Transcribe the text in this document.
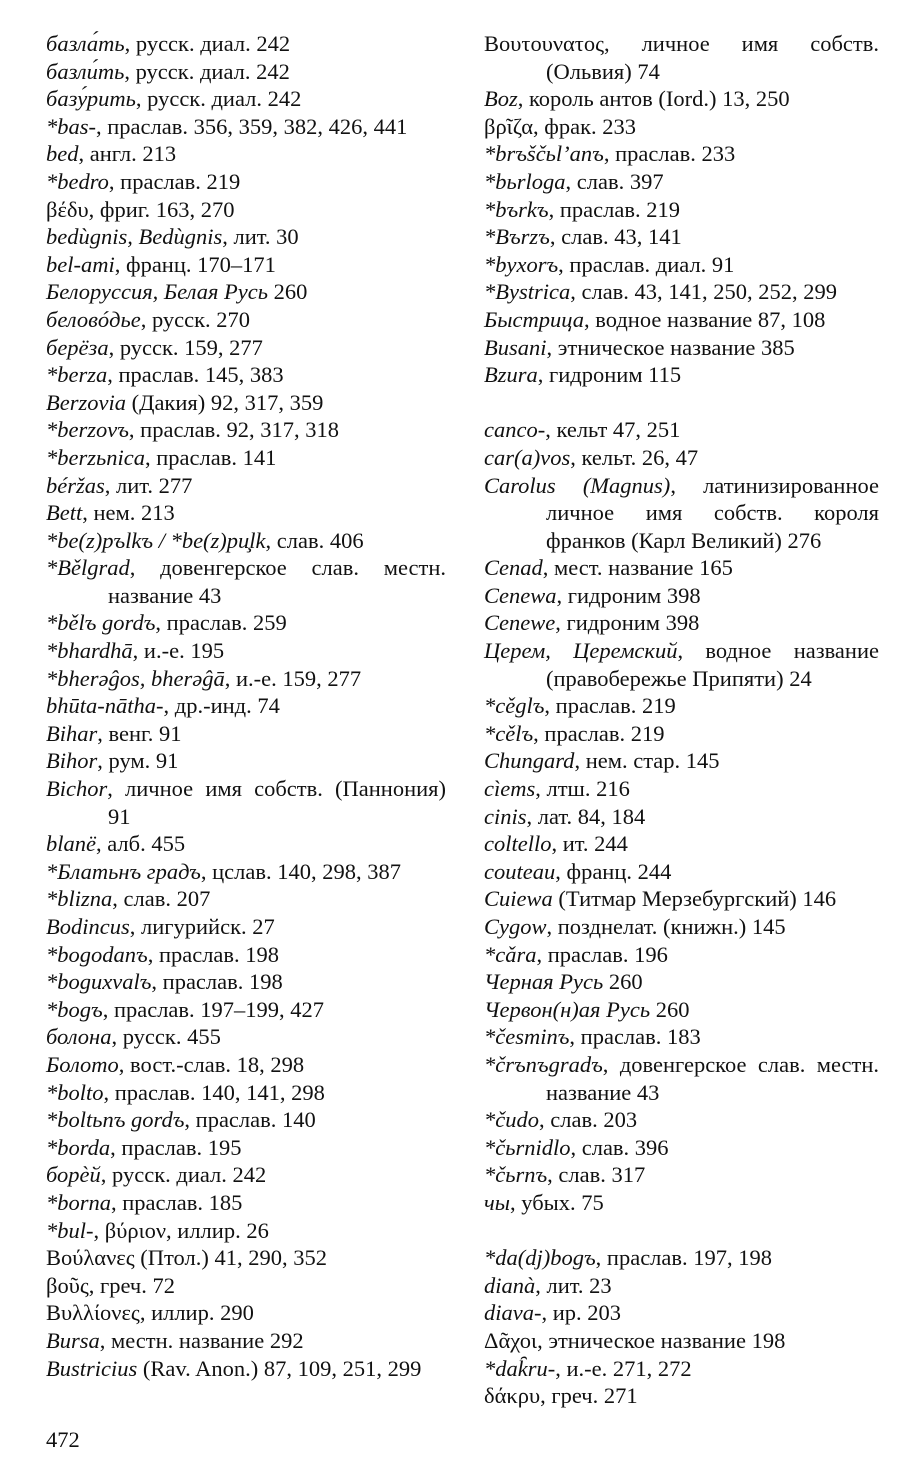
базла́ть, русск. диал. 242
базли́ть, русск. диал. 242
базу́рить, русск. диал. 242
*bas-, праслав. 356, 359, 382, 426, 441
bed, англ. 213
*bedro, праслав. 219
βέδυ, фриг. 163, 270
bedùgnis, Bedùgnis, лит. 30
bel-ami, франц. 170–171
Белоруссия, Белая Русь 260
беловóдье, русск. 270
берёза, русск. 159, 277
*berza, праслав. 145, 383
Berzovia (Дакия) 92, 317, 359
*berzovъ, праслав. 92, 317, 318
*berzьnica, праслав. 141
béržas, лит. 277
Bett, нем. 213
*be(z)pъlkъ / *be(z)pu̧lk, слав. 406
*Bělgrad, довенгерское слав. местн. название 43
*bělъ gordъ, праслав. 259
*bhardhā, и.-е. 195
*bherəĝos, bherəĝā, и.-е. 159, 277
bhūta-nātha-, др.-инд. 74
Bihar, венг. 91
Bihor, рум. 91
Bichor, личное имя собств. (Паннония) 91
blanë, алб. 455
*Блатьнъ градъ, цслав. 140, 298, 387
*blizna, слав. 207
Bodincus, лигурийск. 27
*bogodanъ, праслав. 198
*boguxvalъ, праслав. 198
*bogъ, праслав. 197–199, 427
болона, русск. 455
Болото, вост.-слав. 18, 298
*bolto, праслав. 140, 141, 298
*boltьnъ gordъ, праслав. 140
*borda, праслав. 195
борѐй, русск. диал. 242
*borna, праслав. 185
*bul-, βύριον, иллир. 26
Βούλανες (Птол.) 41, 290, 352
βοῦς, греч. 72
Βυλλίονες, иллир. 290
Bursa, местн. название 292
Bustricius (Rav. Anon.) 87, 109, 251, 299
Βουτουνατος, личное имя собств. (Ольвия) 74
Boz, король антов (Iord.) 13, 250
βρῖζα, фрак. 233
*brъščьl’anъ, праслав. 233
*bьrloga, слав. 397
*bъrkъ, праслав. 219
*Bъrzъ, слав. 43, 141
*byxorъ, праслав. диал. 91
*Bystrica, слав. 43, 141, 250, 252, 299
Быстрица, водное название 87, 108
Busani, этническое название 385
Bzura, гидроним 115
canco-, кельт 47, 251
car(a)vos, кельт. 26, 47
Carolus (Magnus), латинизированное личное имя собств. короля франков (Карл Великий) 276
Cenad, мест. название 165
Cenewa, гидроним 398
Cenewe, гидроним 398
Церем, Церемский, водное название (правобережье Припяти) 24
*cěglъ, праслав. 219
*cělъ, праслав. 219
Chungard, нем. стар. 145
cìems, лтш. 216
cinis, лат. 84, 184
coltello, ит. 244
couteau, франц. 244
Cuiewa (Титмар Мерзебургский) 146
Cygow, позднелат. (книжн.) 145
*cǎra, праслав. 196
Черная Русь 260
Червон(н)ая Русь 260
*česminъ, праслав. 183
*črъnъgradъ, довенгерское слав. местн. название 43
*čudo, слав. 203
*čьrnidlo, слав. 396
*čьrnъ, слав. 317
чы, убых. 75
*da(dj)bogъ, праслав. 197, 198
dianà, лит. 23
diava-, ир. 203
Δᾶχοι, этническое название 198
*dak̑ru-, и.-е. 271, 272
δάκρυ, греч. 271
472
